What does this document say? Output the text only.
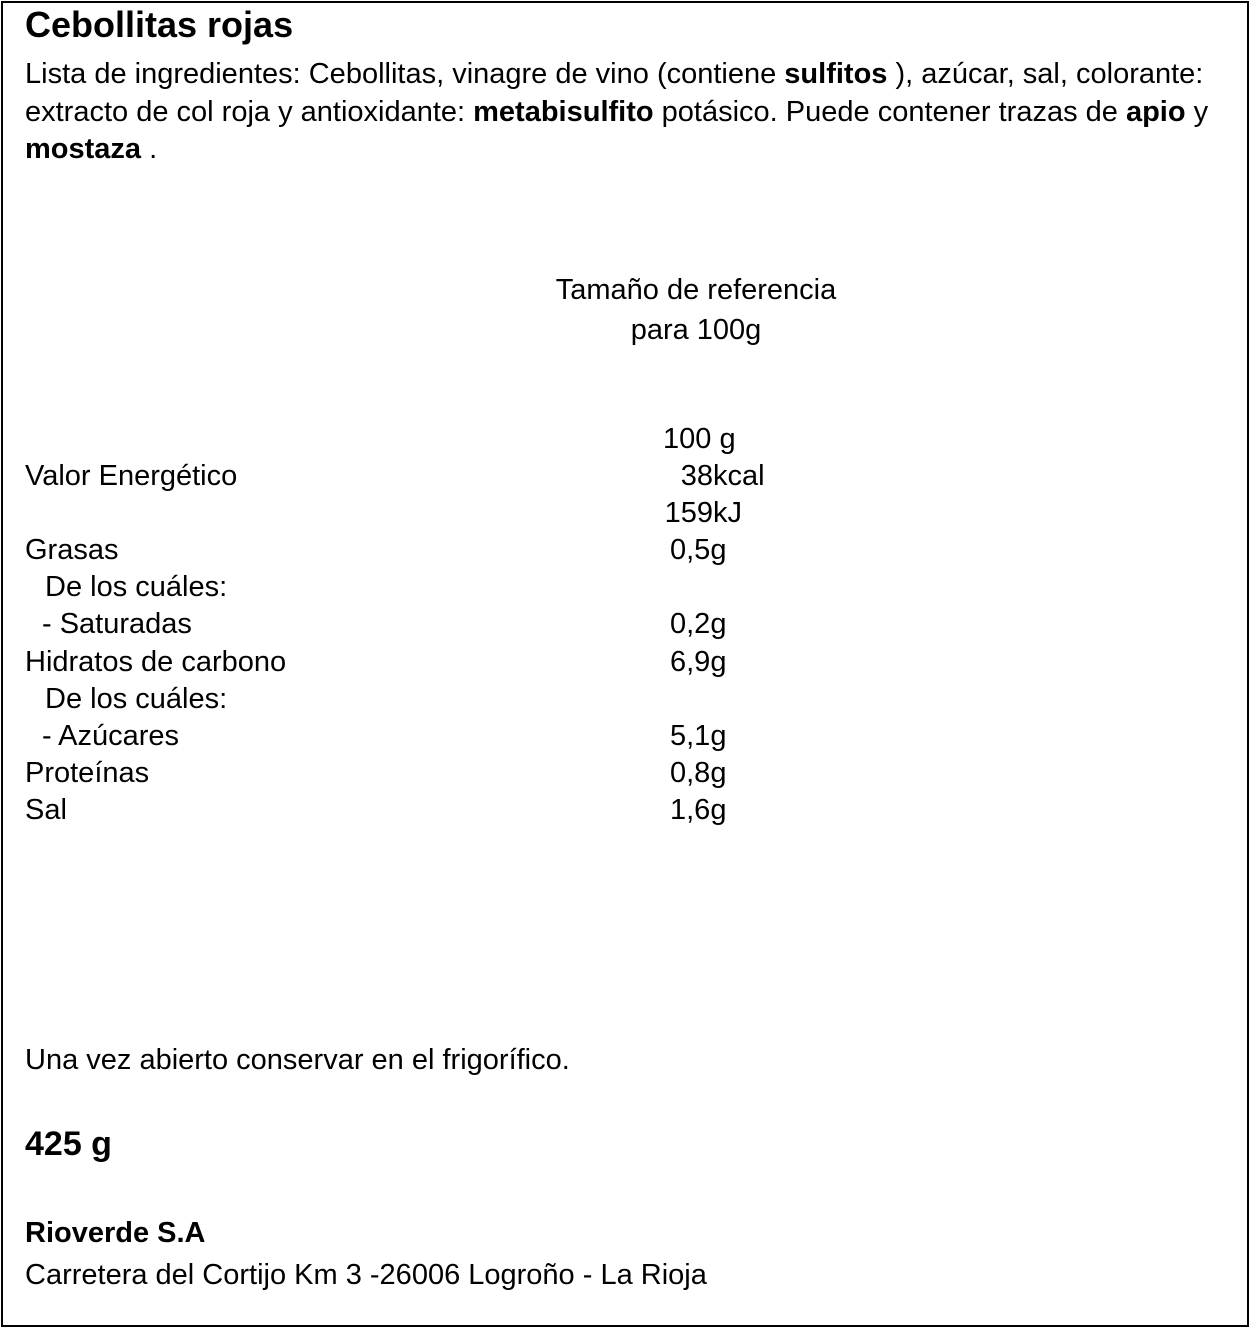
Cebollitas rojas
Lista de ingredientes: Cebollitas, vinagre de vino (contiene sulfitos ), azúcar, sal, colorante: extracto de col roja y antioxidante: metabisulfito potásico. Puede contener trazas de apio y mostaza .
Tamaño de referencia
para 100g
100 g
Valor Energético	38kcal
159kJ
Grasas	0,5g
De los cuáles:
- Saturadas	0,2g
Hidratos de carbono	6,9g
De los cuáles:
- Azúcares	5,1g
Proteínas	0,8g
Sal	1,6g
Una vez abierto conservar en el frigorífico.
425 g
Rioverde S.A
Carretera del Cortijo Km 3 -26006 Logroño - La Rioja
